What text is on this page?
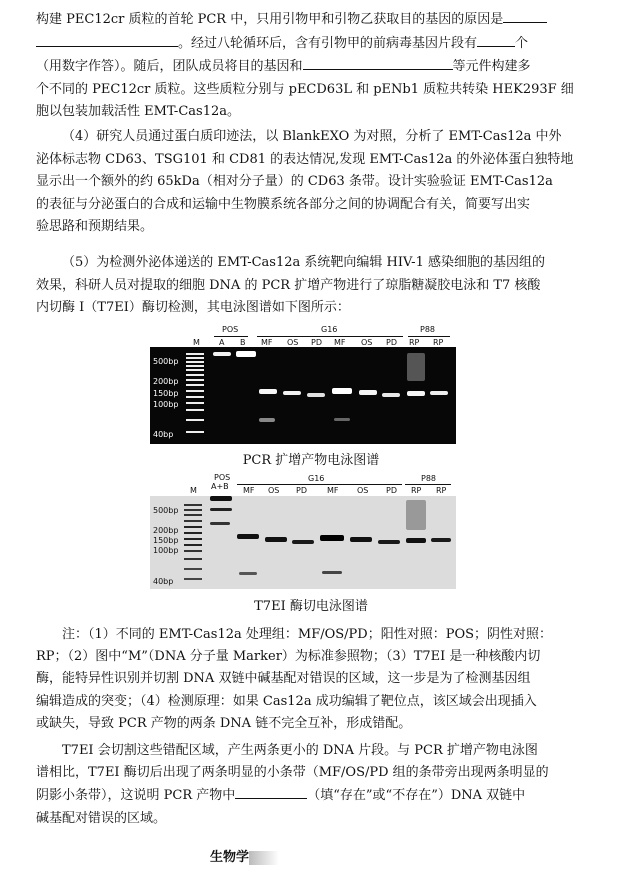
构建 PEC12cr 质粒的首轮 PCR 中，只用引物甲和引物乙获取目的基因的原因是
。经过八轮循环后，含有引物甲的前病毒基因片段有	个
（用数字作答）。随后，团队成员将目的基因和	等元件构建多
个不同的 PEC12cr 质粒。这些质粒分别与 pECD63L 和 pENb1 质粒共转染 HEK293F 细
胞以包装加载活性 EMT-Cas12a。
（4）研究人员通过蛋白质印迹法，以 BlankEXO 为对照，分析了 EMT-Cas12a 中外
泌体标志物 CD63、TSG101 和 CD81 的表达情况,发现 EMT-Cas12a 的外泌体蛋白独特地
显示出一个额外的约 65kDa（相对分子量）的 CD63 条带。设计实验验证 EMT-Cas12a
的表征与分泌蛋白的合成和运输中生物膜系统各部分之间的协调配合有关，简要写出实
验思路和预期结果。
（5）为检测外泌体递送的 EMT-Cas12a 系统靶向编辑 HIV-1 感染细胞的基因组的
效果，科研人员对提取的细胞 DNA 的 PCR 扩增产物进行了琼脂糖凝胶电泳和 T7 核酸
内切酶 I（T7EI）酶切检测，其电泳图谱如下图所示：
POS	G16	P88
M A B MF OS PD MF OS PD RP RP
500bp
200bp
150bp
100bp
40bp
PCR 扩增产物电泳图谱
POS
A+B
G16	P88
M	MF OS PD	MF OS PD RP RP
500bp
200bp
150bp
100bp
40bp
T7EI 酶切电泳图谱
注：（1）不同的 EMT-Cas12a 处理组：MF/OS/PD；阳性对照：POS；阴性对照：
RP；（2）图中“M”（DNA 分子量 Marker）为标准参照物；（3）T7EI 是一种核酸内切
酶，能特异性识别并切割 DNA 双链中碱基配对错误的区域，这一步是为了检测基因组
编辑造成的突变；（4）检测原理：如果 Cas12a 成功编辑了靶位点，该区域会出现插入
或缺失，导致 PCR 产物的两条 DNA 链不完全互补，形成错配。
T7EI 会切割这些错配区域，产生两条更小的 DNA 片段。与 PCR 扩增产物电泳图
谱相比，T7EI 酶切后出现了两条明显的小条带（MF/OS/PD 组的条带旁出现两条明显的
阴影小条带），这说明 PCR 产物中	（填“存在”或“不存在”）DNA 双链中
碱基配对错误的区域。
生物学
